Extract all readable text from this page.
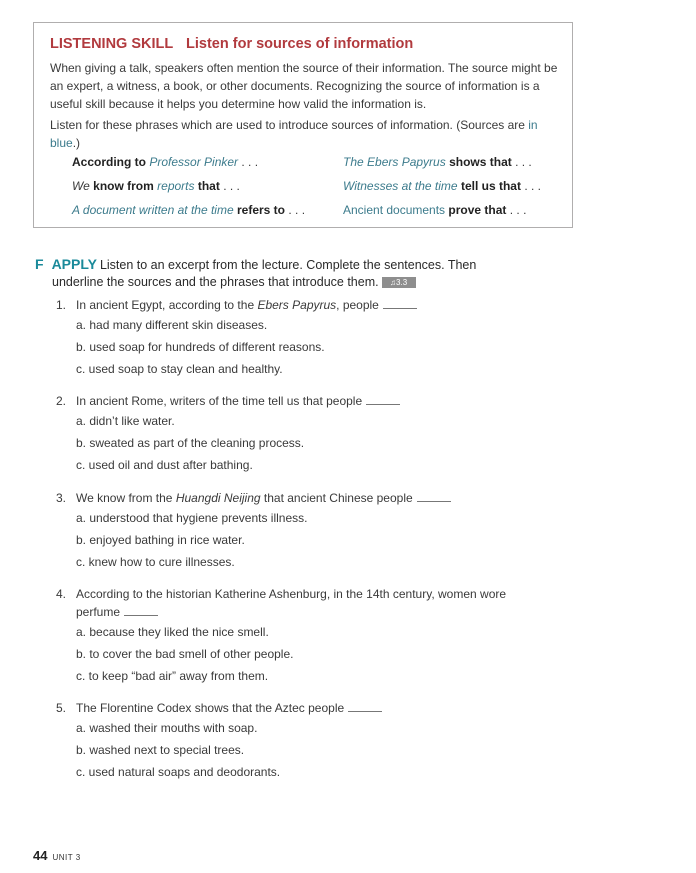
LISTENING SKILL Listen for sources of information

When giving a talk, speakers often mention the source of their information. The source might be an expert, a witness, a book, or other documents. Recognizing the source of information is a useful skill because it helps you determine how valid the information is.

Listen for these phrases which are used to introduce sources of information. (Sources are in blue.)

According to Professor Pinker . . .	The Ebers Papyrus shows that . . .
We know from reports that . . .	Witnesses at the time tell us that . . .
A document written at the time refers to . . .	Ancient documents prove that . . .

F APPLY Listen to an excerpt from the lecture. Complete the sentences. Then
underline the sources and the phrases that introduce them. ♫3.3

1. In ancient Egypt, according to the Ebers Papyrus, people

a. had many different skin diseases.

b. used soap for hundreds of different reasons.

c. used soap to stay clean and healthy.

2. In ancient Rome, writers of the time tell us that people

a. didn’t like water.

b. sweated as part of the cleaning process.

c. used oil and dust after bathing.

3. We know from the Huangdi Neijing that ancient Chinese people

a. understood that hygiene prevents illness.

b. enjoyed bathing in rice water.

c. knew how to cure illnesses.

4. According to the historian Katherine Ashenburg, in the 14th century, women wore perfume

a. because they liked the nice smell.

b. to cover the bad smell of other people.

c. to keep “bad air” away from them.

5. The Florentine Codex shows that the Aztec people

a. washed their mouths with soap.

b. washed next to special trees.

c. used natural soaps and deodorants.

44 UNIT 3
